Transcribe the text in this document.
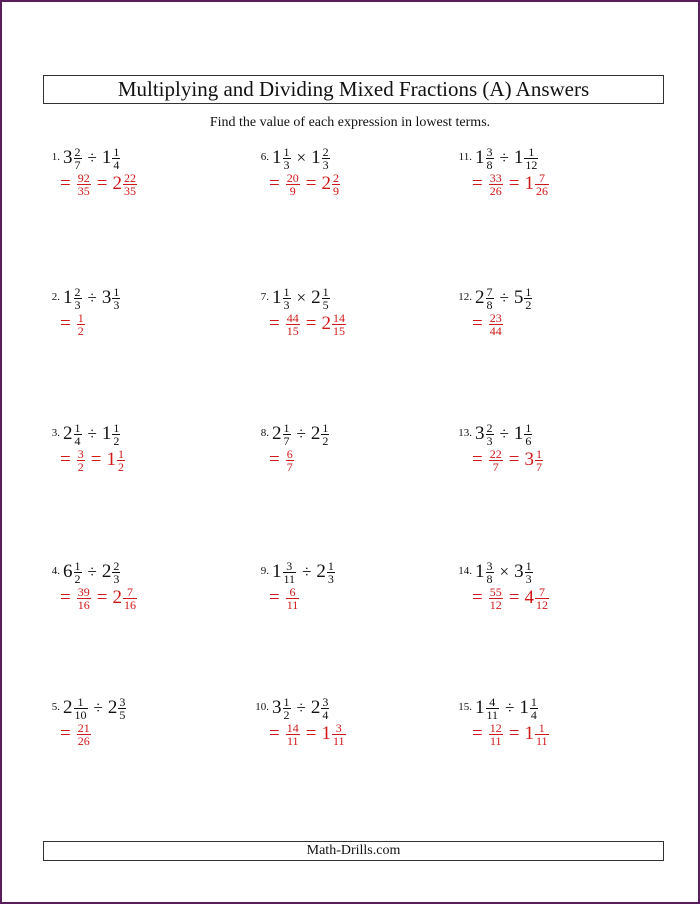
Multiplying and Dividing Mixed Fractions (A) Answers
Find the value of each expression in lowest terms.
1. $3 \frac{2}{7} \div 1 \frac{1}{4}$
= $\frac{92}{35} = 2 \frac{22}{35}$
2. $1 \frac{2}{3} \div 3 \frac{1}{3}$
= $\frac{1}{2}$
3. $2 \frac{1}{4} \div 1 \frac{1}{2}$
= $\frac{3}{2} = 1 \frac{1}{2}$
4. $6 \frac{1}{2} \div 2 \frac{2}{3}$
= $\frac{39}{16} = 2 \frac{7}{16}$
5. $2 \frac{1}{10} \div 2 \frac{3}{5}$
= $\frac{21}{26}$
6. $1 \frac{1}{3} \times 1 \frac{2}{3}$
= $\frac{20}{9} = 2 \frac{2}{9}$
7. $1 \frac{1}{3} \times 2 \frac{1}{5}$
= $\frac{44}{15} = 2 \frac{14}{15}$
8. $2 \frac{1}{7} \div 2 \frac{1}{2}$
= $\frac{6}{7}$
9. $1 \frac{3}{11} \div 2 \frac{1}{3}$
= $\frac{6}{11}$
10. $3 \frac{1}{2} \div 2 \frac{3}{4}$
= $\frac{14}{11} = 1 \frac{3}{11}$
11. $1 \frac{3}{8} \div 1 \frac{1}{12}$
= $\frac{33}{26} = 1 \frac{7}{26}$
12. $2 \frac{7}{8} \div 5 \frac{1}{2}$
= $\frac{23}{44}$
13. $3 \frac{2}{3} \div 1 \frac{1}{6}$
= $\frac{22}{7} = 3 \frac{1}{7}$
14. $1 \frac{3}{8} \times 3 \frac{1}{3}$
= $\frac{55}{12} = 4 \frac{7}{12}$
15. $1 \frac{4}{11} \div 1 \frac{1}{4}$
= $\frac{12}{11} = 1 \frac{1}{11}$
Math-Drills.com
